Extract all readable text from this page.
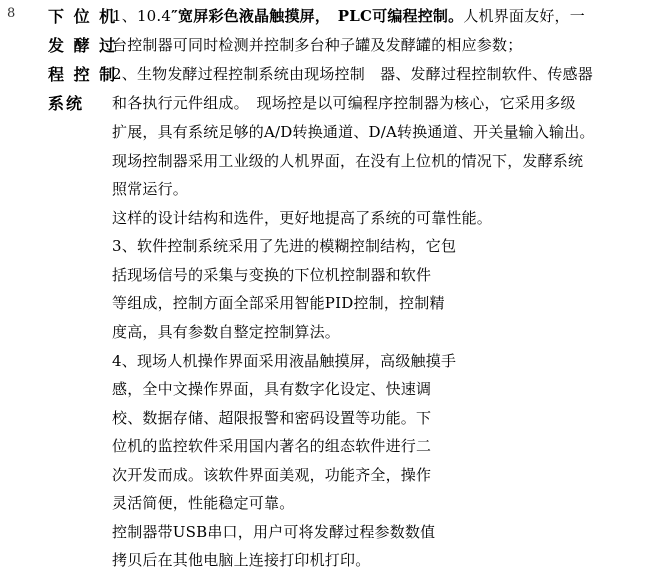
8 下 位 机
发 酵 过
程 控 制
系统
1、10.4″宽屏彩色液晶触摸屏，　PLC可编程控制。人机界面友好，一
台控制器可同时检测并控制多台种子罐及发酵罐的相应参数；
2、生物发酵过程控制系统由现场控制　器、发酵过程控制软件、传感器
和各执行元件组成。　现场控是以可编程序控制器为核心，它采用多级
扩展，具有系统足够的A/D转换通道、D/A转换通道、开关量输入输出。
现场控制器采用工业级的人机界面，在没有上位机的情况下，发酵系统
照常运行。
这样的设计结构和选件，更好地提高了系统的可靠性能。
3、软件控制系统采用了先进的模糊控制结构，它包
括现场信号的采集与变换的下位机控制器和软件
等组成，控制方面全部采用智能PID控制，控制精
度高，具有参数自整定控制算法。
4、现场人机操作界面采用液晶触摸屏，高级触摸手
感，全中文操作界面，具有数字化设定、快速调
校、数据存储、超限报警和密码设置等功能。下
位机的监控软件采用国内著名的组态软件进行二
次开发而成。该软件界面美观，功能齐全，操作
灵活简便，性能稳定可靠。
控制器带USB串口，用户可将发酵过程参数数值
拷贝后在其他电脑上连接打印机打印。
